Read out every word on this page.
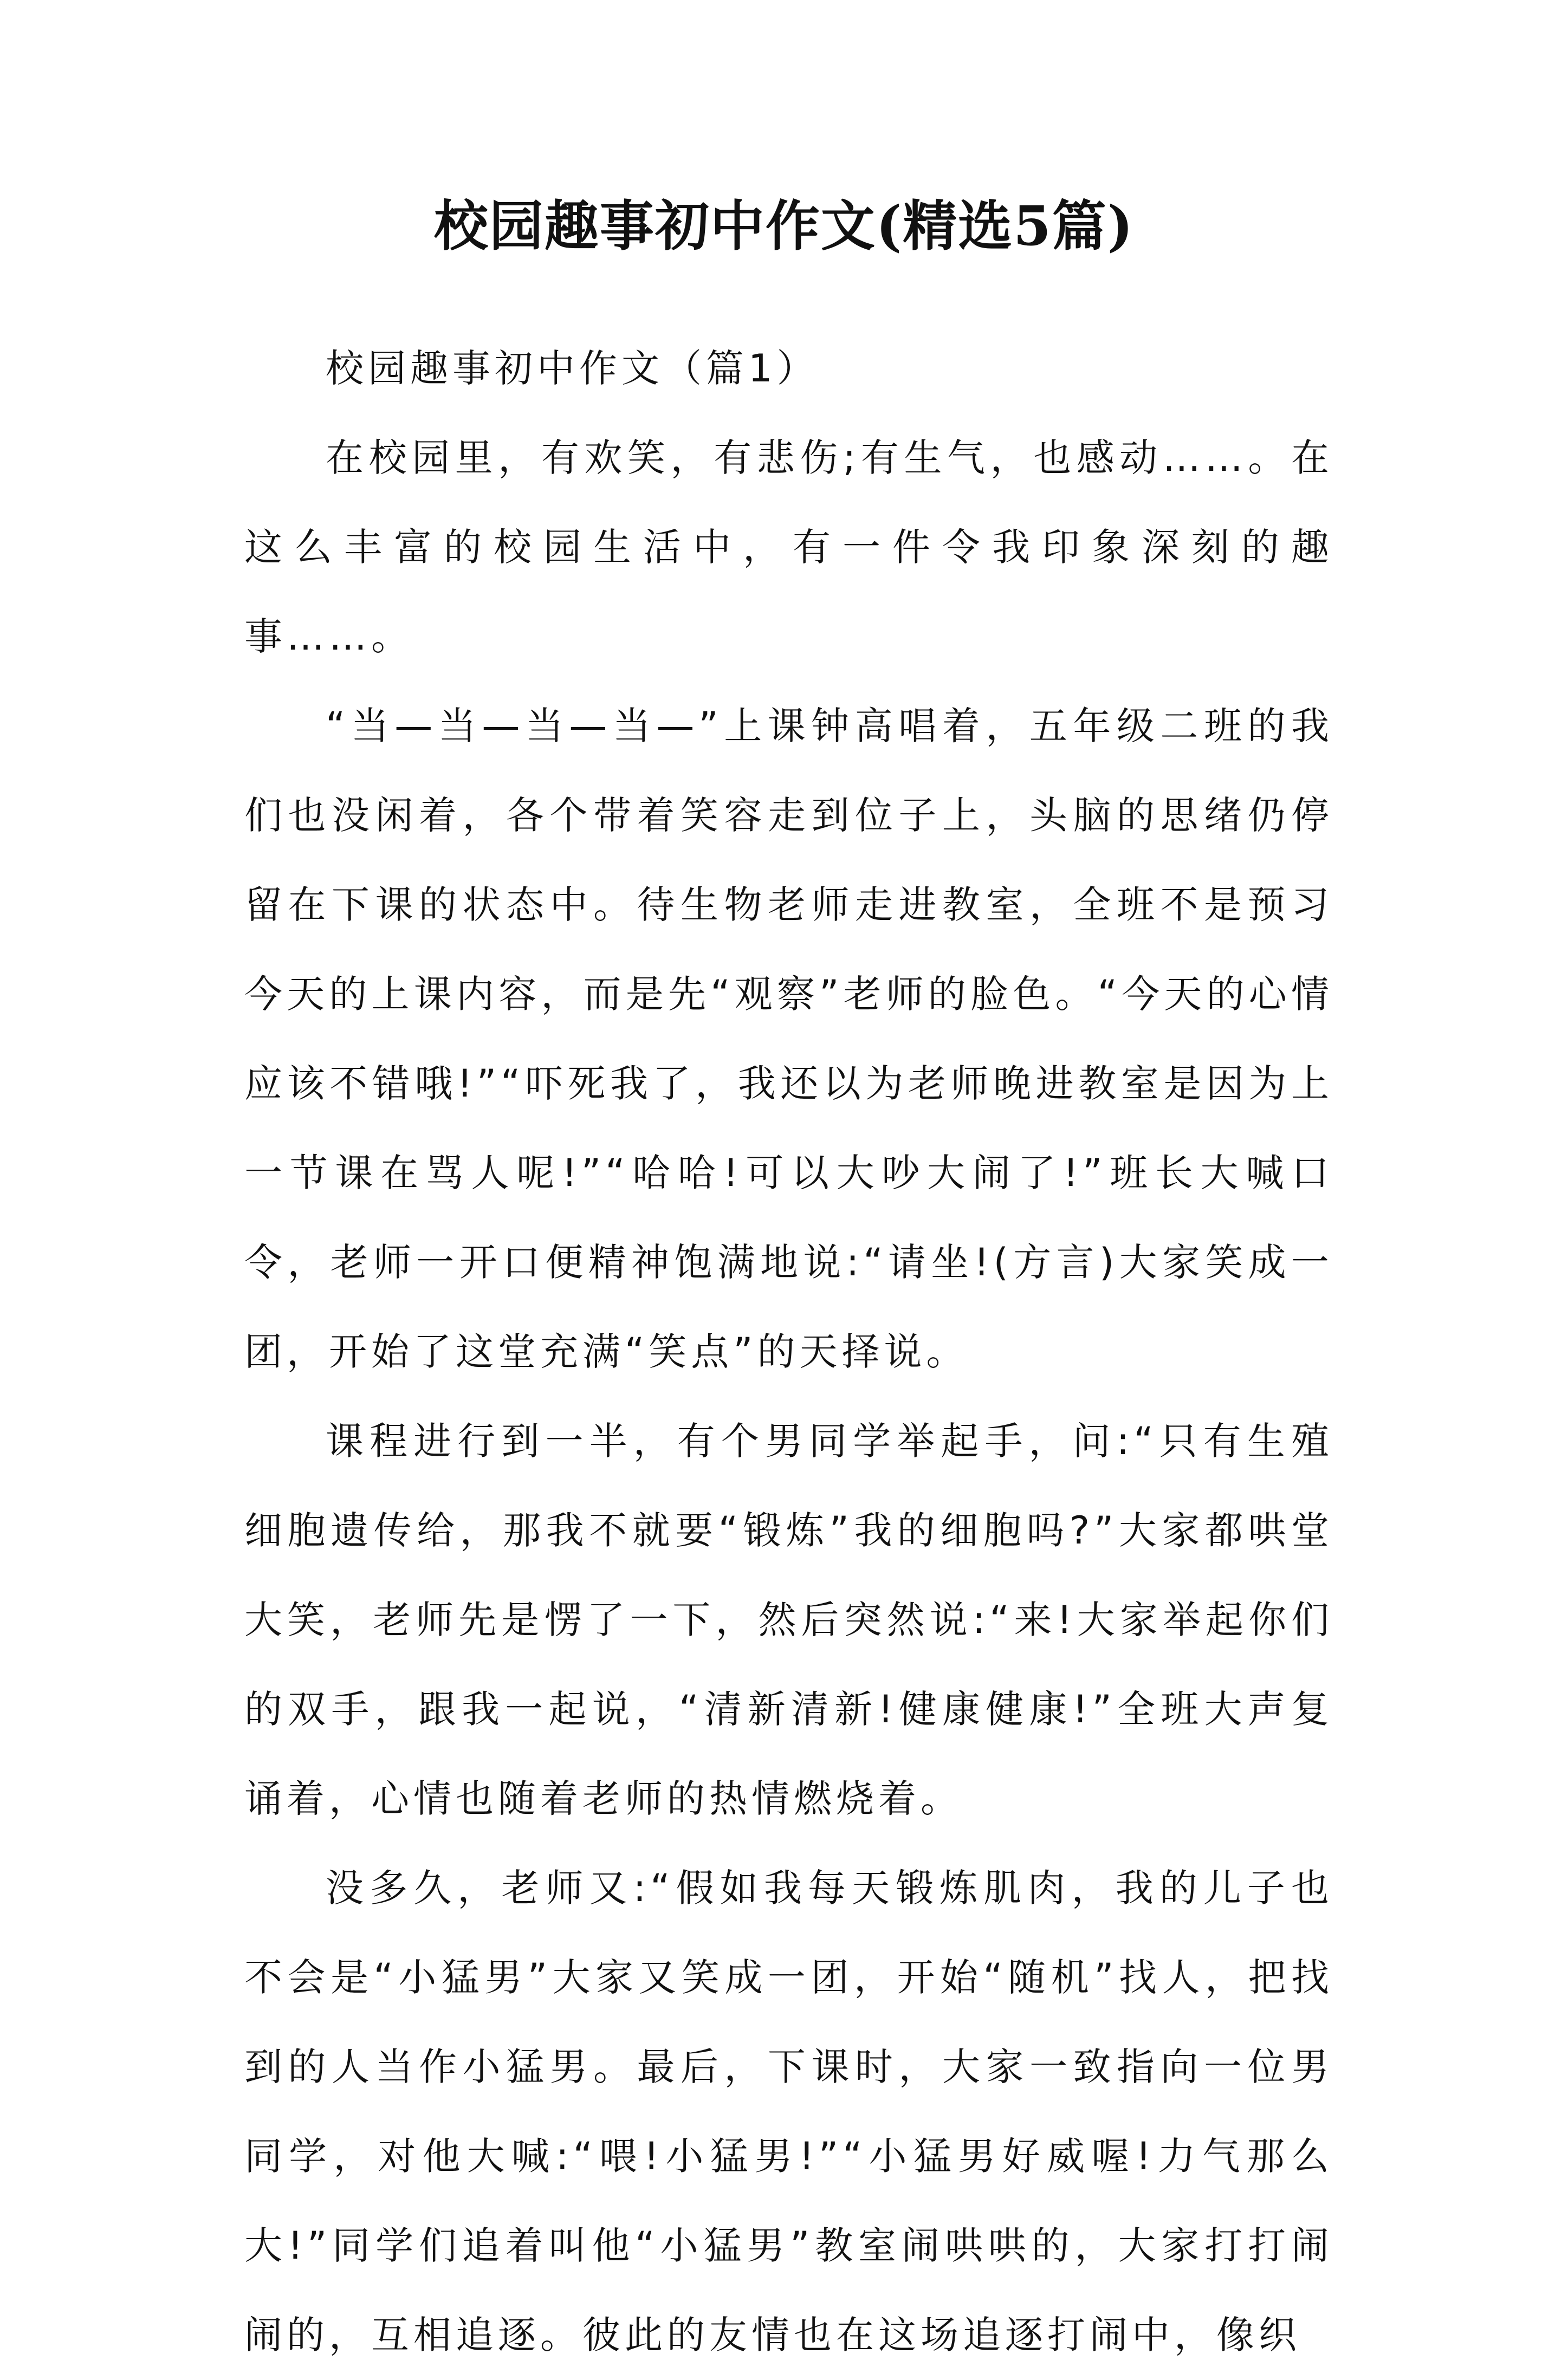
校园趣事初中作文(精选5篇)

校园趣事初中作文（篇1）

在校园里，有欢笑，有悲伤;有生气，也感动……。在这么丰富的校园生活中，有一件令我印象深刻的趣事……。

“当—当—当—当—”上课钟高唱着，五年级二班的我们也没闲着，各个带着笑容走到位子上，头脑的思绪仍停留在下课的状态中。待生物老师走进教室，全班不是预习今天的上课内容，而是先“观察”老师的脸色。“今天的心情应该不错哦!”“吓死我了，我还以为老师晚进教室是因为上一节课在骂人呢!”“哈哈!可以大吵大闹了!”班长大喊口令，老师一开口便精神饱满地说:“请坐!(方言)大家笑成一团，开始了这堂充满“笑点”的天择说。

课程进行到一半，有个男同学举起手，问:“只有生殖细胞遗传给，那我不就要“锻炼”我的细胞吗?”大家都哄堂大笑，老师先是愣了一下，然后突然说:“来!大家举起你们的双手，跟我一起说，“清新清新!健康健康!”全班大声复诵着，心情也随着老师的热情燃烧着。

没多久，老师又:“假如我每天锻炼肌肉，我的儿子也不会是“小猛男”大家又笑成一团，开始“随机”找人，把找到的人当作小猛男。最后，下课时，大家一致指向一位男同学，对他大喊:“喂!小猛男!”“小猛男好威喔!力气那么大!”同学们追着叫他“小猛男”教室闹哄哄的，大家打打闹闹的，互相追逐。彼此的友情也在这场追逐打闹中，像织
